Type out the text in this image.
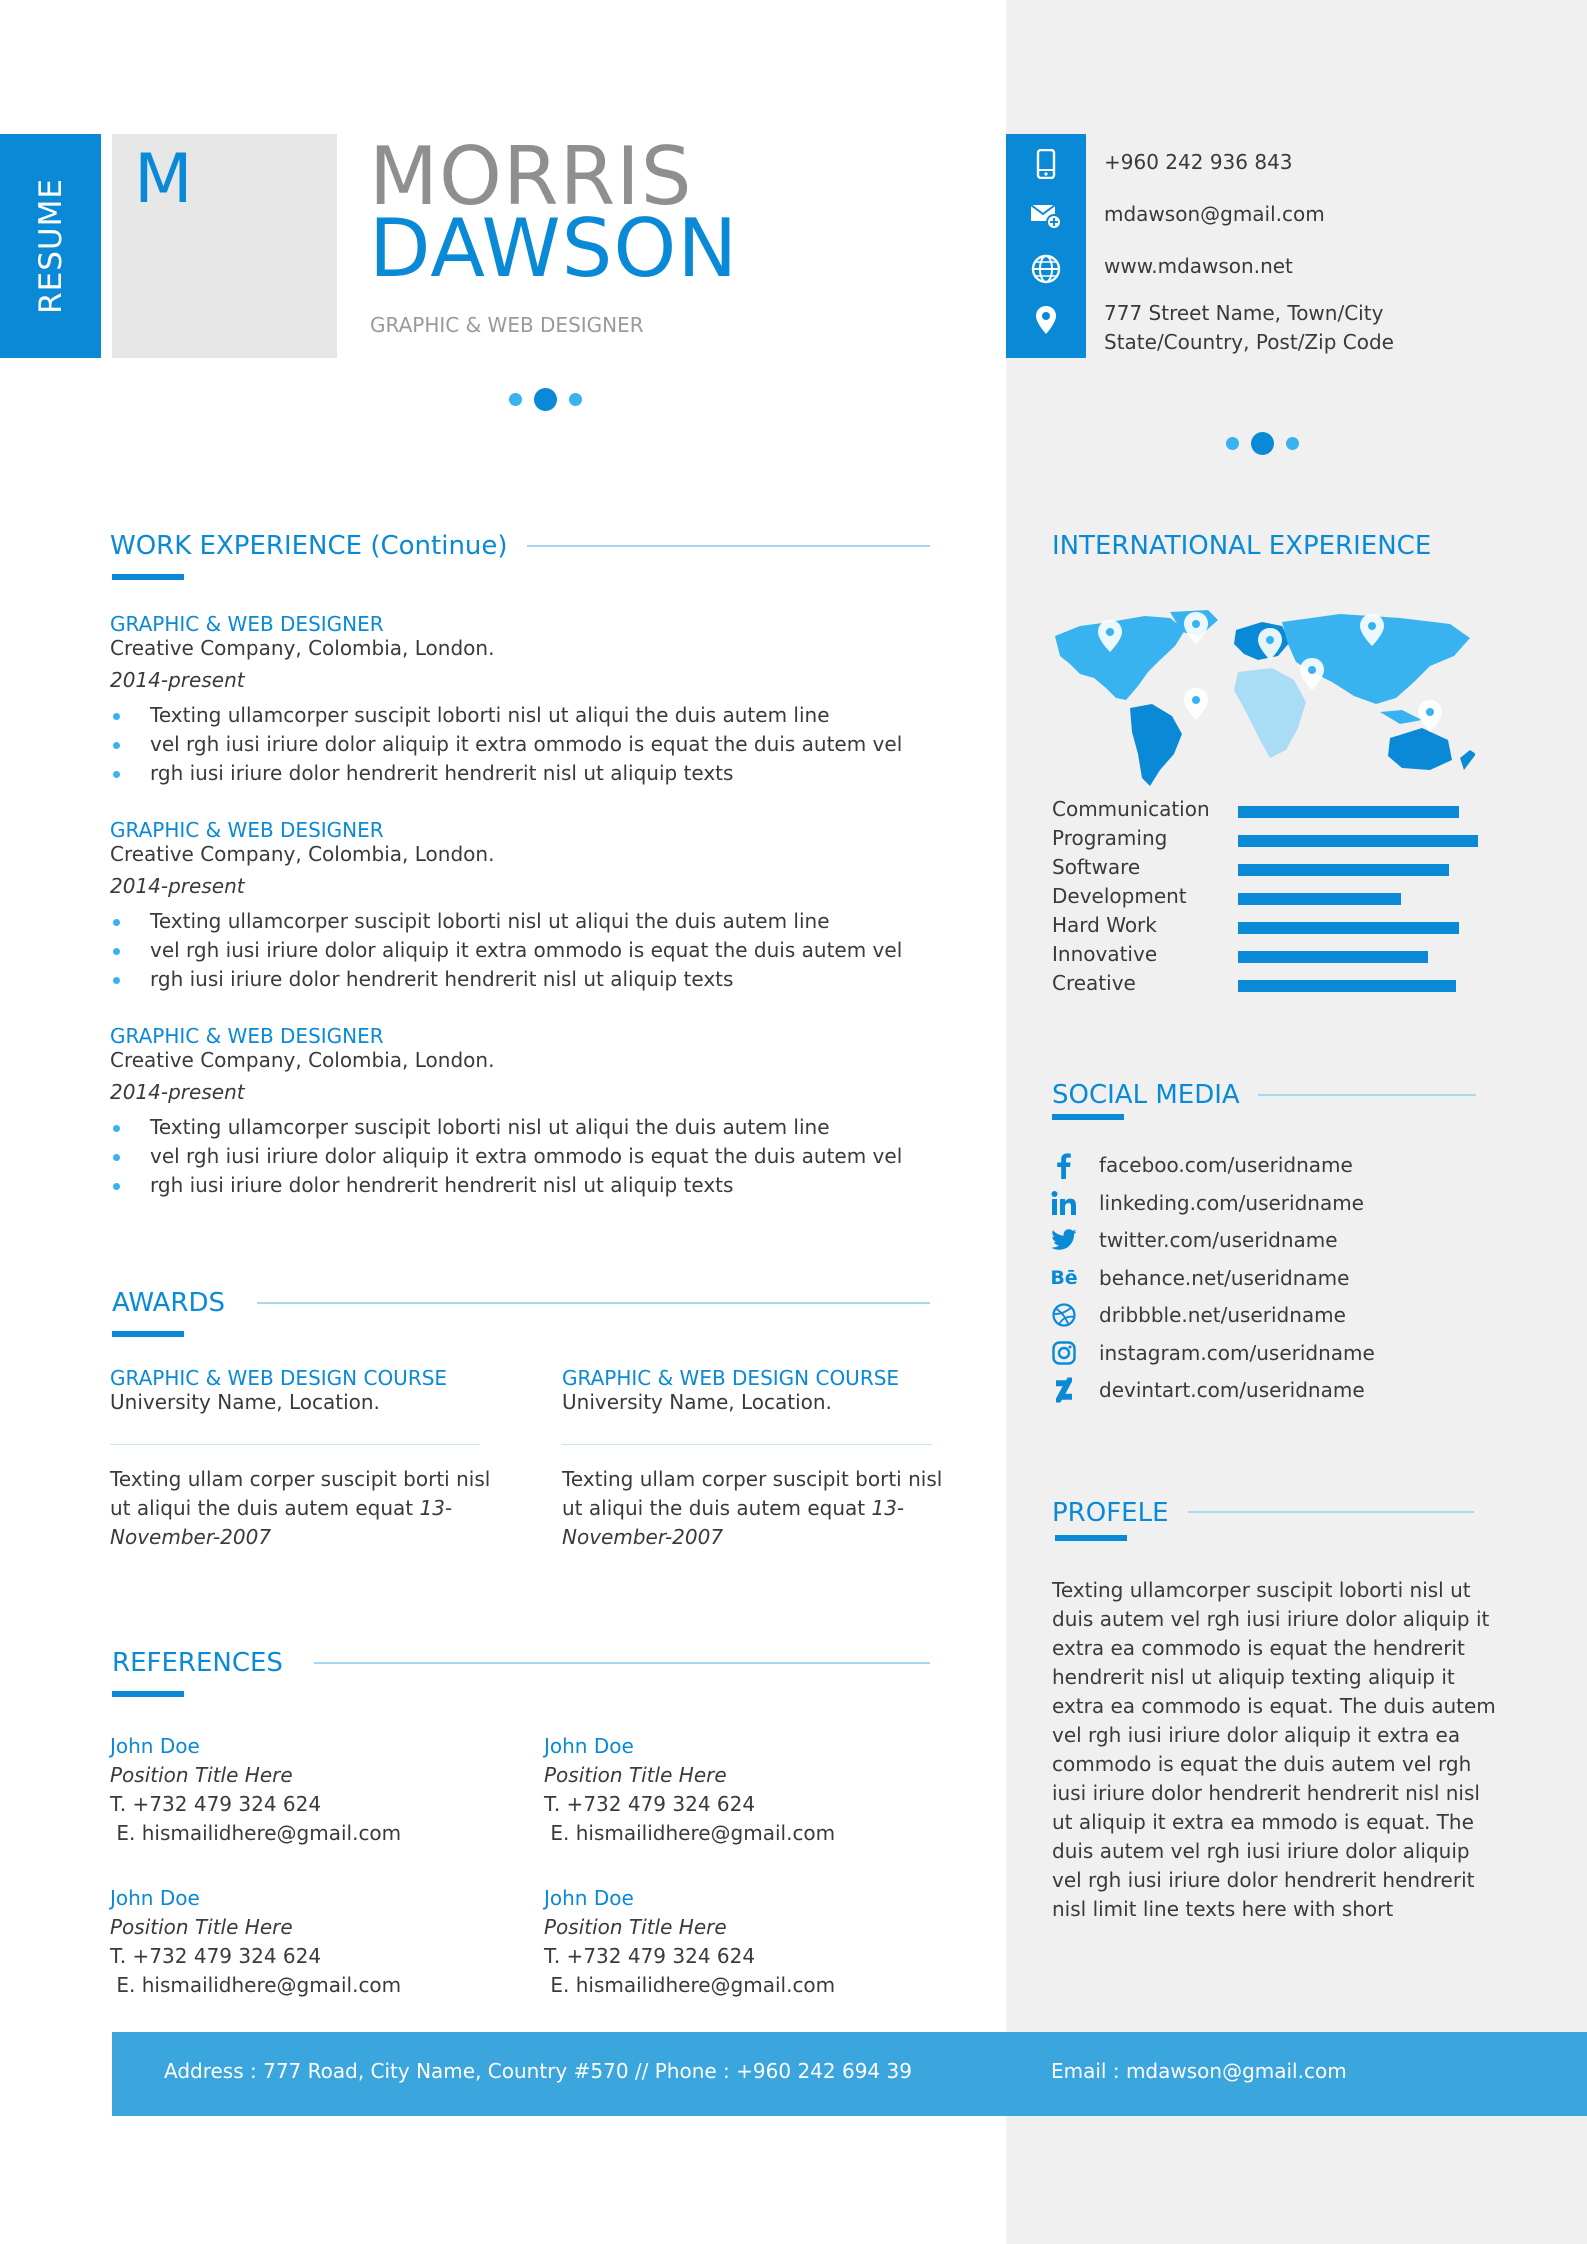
RESUME M MORRIS
DAWSON
GRAPHIC & WEB DESIGNER
+960 242 936 843
mdawson@gmail.com
www.mdawson.net
777 Street Name, Town/City
State/Country, Post/Zip Code
WORK EXPERIENCE (Continue)
GRAPHIC & WEB DESIGNER
Creative Company, Colombia, London.
2014-present
Texting ullamcorper suscipit loborti nisl ut aliqui the duis autem line
vel rgh iusi iriure dolor aliquip it extra ommodo is equat the duis autem vel
rgh iusi iriure dolor hendrerit hendrerit nisl ut aliquip texts
GRAPHIC & WEB DESIGNER
Creative Company, Colombia, London.
2014-present
Texting ullamcorper suscipit loborti nisl ut aliqui the duis autem line
vel rgh iusi iriure dolor aliquip it extra ommodo is equat the duis autem vel
rgh iusi iriure dolor hendrerit hendrerit nisl ut aliquip texts
GRAPHIC & WEB DESIGNER
Creative Company, Colombia, London.
2014-present
Texting ullamcorper suscipit loborti nisl ut aliqui the duis autem line
vel rgh iusi iriure dolor aliquip it extra ommodo is equat the duis autem vel
rgh iusi iriure dolor hendrerit hendrerit nisl ut aliquip texts
AWARDS
GRAPHIC & WEB DESIGN COURSE
University Name, Location.
Texting ullam corper suscipit borti nisl ut aliqui the duis autem equat 13-November-2007
GRAPHIC & WEB DESIGN COURSE
University Name, Location.
Texting ullam corper suscipit borti nisl ut aliqui the duis autem equat 13-November-2007
REFERENCES
John Doe
Position Title Here
T. +732 479 324 624
E. hismailidhere@gmail.com
John Doe
Position Title Here
T. +732 479 324 624
E. hismailidhere@gmail.com
John Doe
Position Title Here
T. +732 479 324 624
E. hismailidhere@gmail.com
John Doe
Position Title Here
T. +732 479 324 624
E. hismailidhere@gmail.com
INTERNATIONAL EXPERIENCE
Communication
Programing
Software
Development
Hard Work
Innovative
Creative
SOCIAL MEDIA
Bē
faceboo.com/useridname
linkeding.com/useridname
twitter.com/useridname
behance.net/useridname
dribbble.net/useridname
instagram.com/useridname
devintart.com/useridname
PROFELE
Texting ullamcorper suscipit loborti nisl ut duis autem vel rgh iusi iriure dolor aliquip it extra ea commodo is equat the hendrerit hendrerit nisl ut aliquip texting aliquip it extra ea commodo is equat. The duis autem vel rgh iusi iriure dolor aliquip it extra ea commodo is equat the duis autem vel rgh iusi iriure dolor hendrerit hendrerit nisl nisl ut aliquip it extra ea mmodo is equat. The duis autem vel rgh iusi iriure dolor aliquip vel rgh iusi iriure dolor hendrerit hendrerit nisl limit line texts here with short
Address : 777 Road, City Name, Country #570 // Phone : +960 242 694 39	Email : mdawson@gmail.com
